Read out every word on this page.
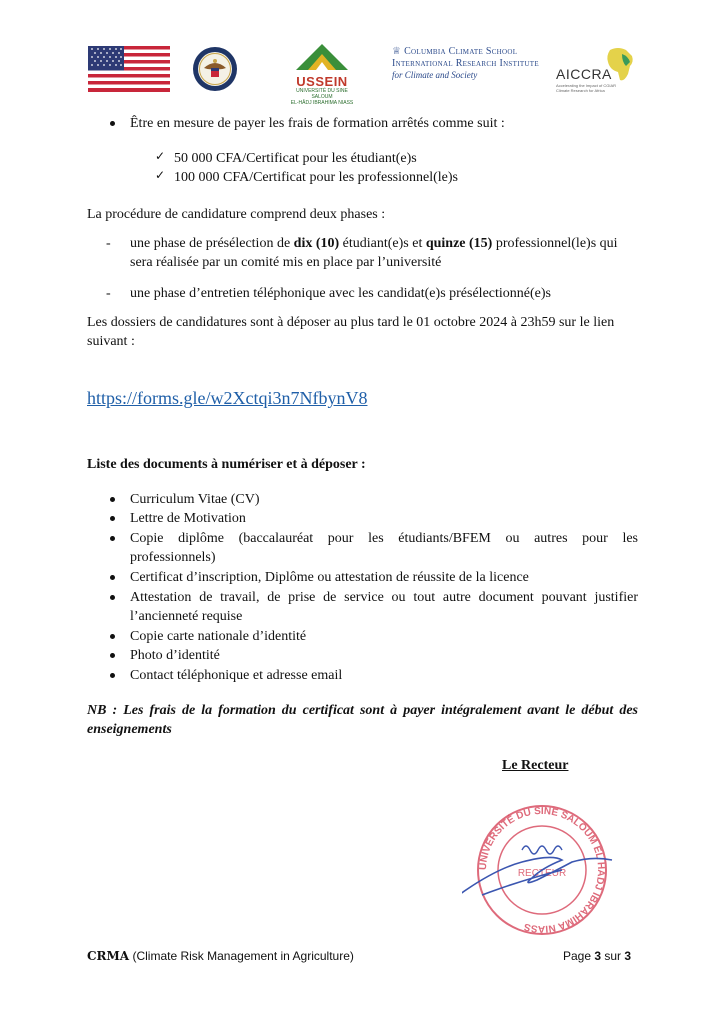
USSEIN
UNIVERSITÉ DU SINE SALOUM
EL-HÂDJ IBRAHIMA NIASS
♕ Columbia Climate School
International Research Institute
for Climate and Society	AICCRA
Accelerating the Impact of CGIAR Climate Research for Africa
Être en mesure de payer les frais de formation arrêtés comme suit :
✓ 50 000 CFA/Certificat pour les étudiant(e)s
✓ 100 000 CFA/Certificat pour les professionnel(le)s
La procédure de candidature comprend deux phases :
- une phase de présélection de dix (10) étudiant(e)s et quinze (15) professionnel(le)s qui
sera réalisée par un comité mis en place par l’université
- une phase d’entretien téléphonique avec les candidat(e)s présélectionné(e)s
Les dossiers de candidatures sont à déposer au plus tard le 01 octobre 2024 à 23h59 sur le lien
suivant :
https://forms.gle/w2Xctqi3n7NfbynV8
Liste des documents à numériser et à déposer :
Curriculum Vitae (CV)
Lettre de Motivation
Copie diplôme (baccalauréat pour les étudiants/BFEM ou autres pour les
professionnels)
Certificat d’inscription, Diplôme ou attestation de réussite de la licence
Attestation de travail, de prise de service ou tout autre document pouvant justifier
l’ancienneté requise
Copie carte nationale d’identité
Photo d’identité
Contact téléphonique et adresse email
NB : Les frais de la formation du certificat sont à payer intégralement avant le début des
enseignements
Le Recteur
UNIVERSITÉ DU SINE SALOUM EL HADJ IBRAHIMA NIASS
RECTEUR
CRMA (Climate Risk Management in Agriculture)	Page 3 sur 3
